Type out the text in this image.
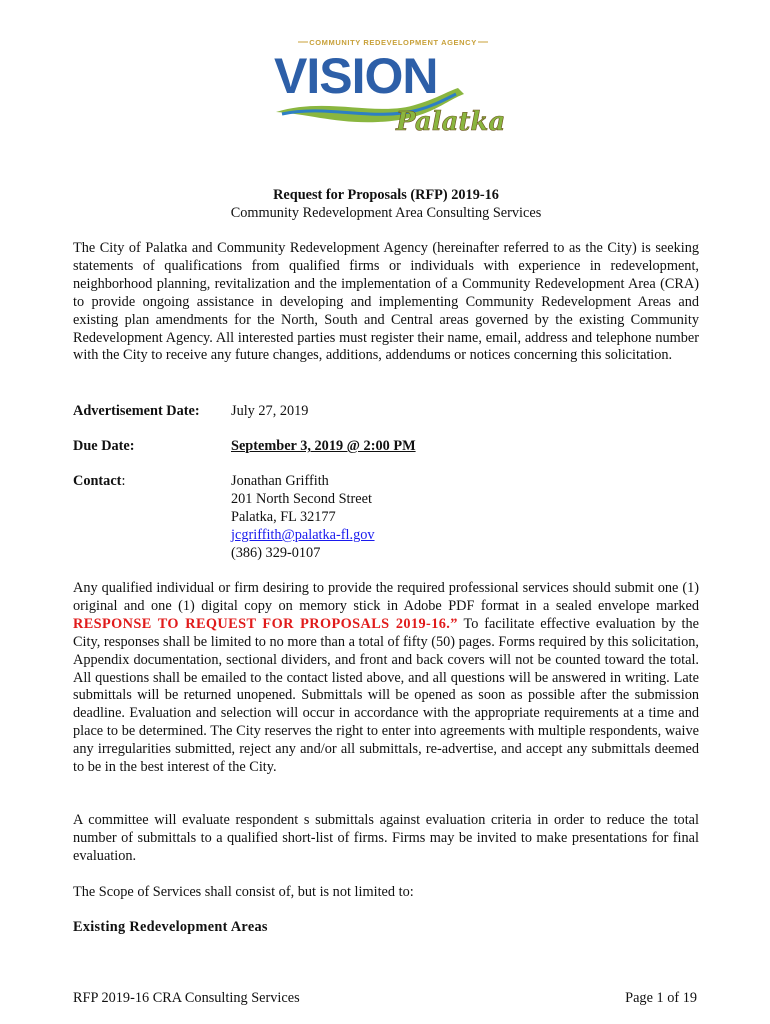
COMMUNITY REDEVELOPMENT AGENCY
VISION
Palatka
Request for Proposals (RFP) 2019-16
Community Redevelopment Area Consulting Services
The City of Palatka and Community Redevelopment Agency (hereinafter referred to as the City) is seeking statements of qualifications from qualified firms or individuals with experience in redevelopment, neighborhood planning, revitalization and the implementation of a Community Redevelopment Area (CRA) to provide ongoing assistance in developing and implementing Community Redevelopment Areas and existing plan amendments for the North, South and Central areas governed by the existing Community Redevelopment Agency. All interested parties must register their name, email, address and telephone number with the City to receive any future changes, additions, addendums or notices concerning this solicitation.
Advertisement Date: July 27, 2019
Due Date:	September 3, 2019 @ 2:00 PM
Contact:	Jonathan Griffith
201 North Second Street
Palatka, FL 32177
jcgriffith@palatka-fl.gov
(386) 329-0107
Any qualified individual or firm desiring to provide the required professional services should submit one (1) original and one (1) digital copy on memory stick in Adobe PDF format in a sealed envelope marked RESPONSE TO REQUEST FOR PROPOSALS 2019-16.” To facilitate effective evaluation by the City, responses shall be limited to no more than a total of fifty (50) pages. Forms required by this solicitation, Appendix documentation, sectional dividers, and front and back covers will not be counted toward the total. All questions shall be emailed to the contact listed above, and all questions will be answered in writing. Late submittals will be returned unopened. Submittals will be opened as soon as possible after the submission deadline. Evaluation and selection will occur in accordance with the appropriate requirements at a time and place to be determined. The City reserves the right to enter into agreements with multiple respondents, waive any irregularities submitted, reject any and/or all submittals, re-advertise, and accept any submittals deemed to be in the best interest of the City.
A committee will evaluate respondent s submittals against evaluation criteria in order to reduce the total number of submittals to a qualified short-list of firms. Firms may be invited to make presentations for final evaluation.
The Scope of Services shall consist of, but is not limited to:
Existing Redevelopment Areas
RFP 2019-16 CRA Consulting Services	Page 1 of 19
